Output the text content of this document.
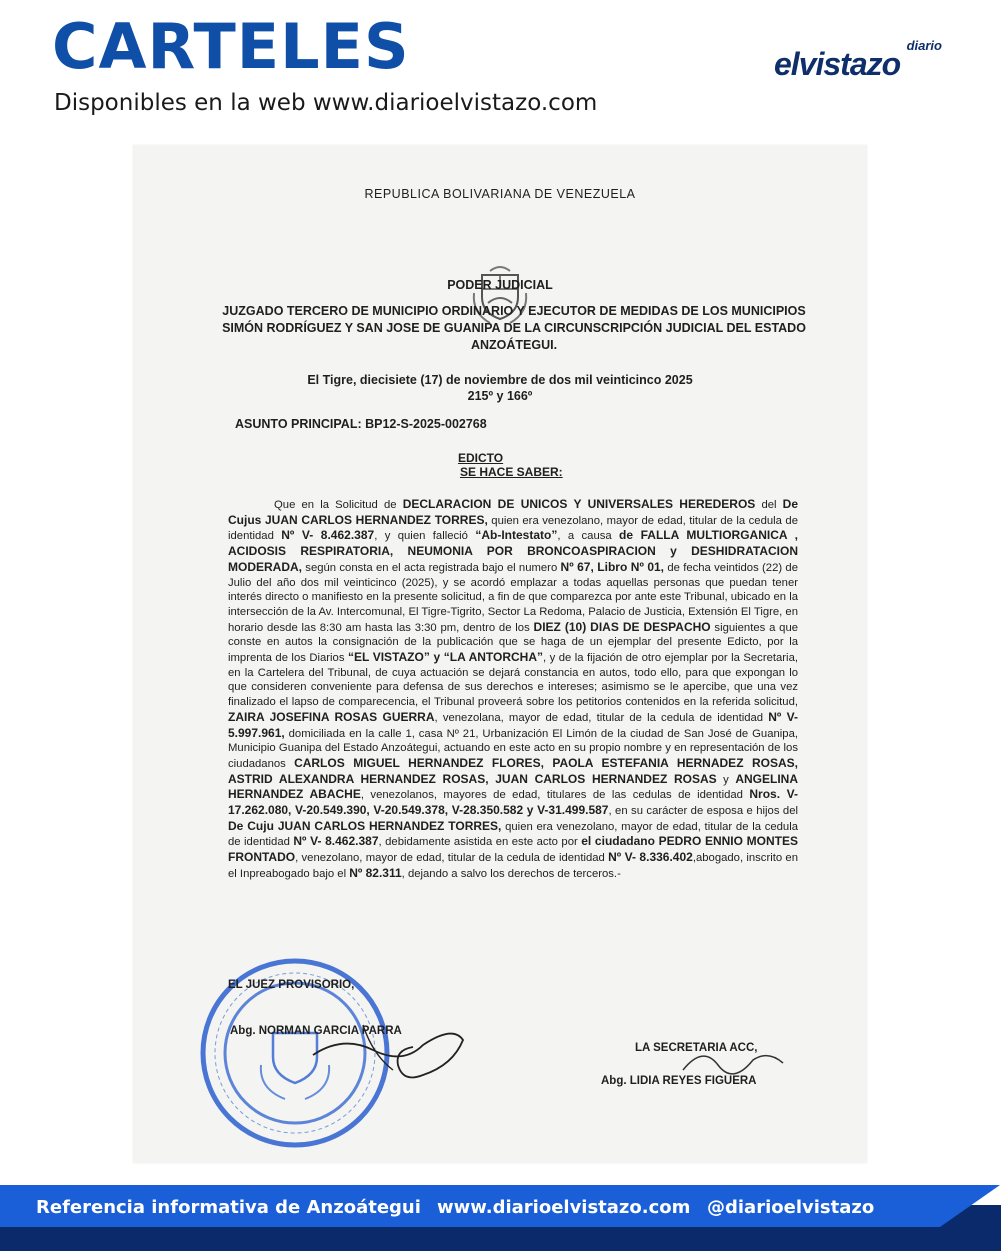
CARTELES
Disponibles en la web www.diarioelvistazo.com
diario
elvistazo
REPUBLICA BOLIVARIANA DE VENEZUELA
PODER JUDICIAL
JUZGADO TERCERO DE MUNICIPIO ORDINARIO Y EJECUTOR DE MEDIDAS DE LOS MUNICIPIOS SIMÓN RODRÍGUEZ Y SAN JOSE DE GUANIPA DE LA CIRCUNSCRIPCIÓN JUDICIAL DEL ESTADO ANZOÁTEGUI.
El Tigre, diecisiete (17) de noviembre de dos mil veinticinco 2025
215º y 166º
ASUNTO PRINCIPAL: BP12-S-2025-002768
EDICTO
SE HACE SABER:
Que en la Solicitud de DECLARACION DE UNICOS Y UNIVERSALES HEREDEROS del De Cujus JUAN CARLOS HERNANDEZ TORRES, quien era venezolano, mayor de edad, titular de la cedula de identidad Nº V- 8.462.387, y quien falleció “Ab-Intestato”, a causa de FALLA MULTIORGANICA , ACIDOSIS RESPIRATORIA, NEUMONIA POR BRONCOASPIRACION y DESHIDRATACION MODERADA, según consta en el acta registrada bajo el numero Nº 67, Libro Nº 01, de fecha veintidos (22) de Julio del año dos mil veinticinco (2025), y se acordó emplazar a todas aquellas personas que puedan tener interés directo o manifiesto en la presente solicitud, a fin de que comparezca por ante este Tribunal, ubicado en la intersección de la Av. Intercomunal, El Tigre-Tigrito, Sector La Redoma, Palacio de Justicia, Extensión El Tigre, en horario desde las 8:30 am hasta las 3:30 pm, dentro de los DIEZ (10) DIAS DE DESPACHO siguientes a que conste en autos la consignación de la publicación que se haga de un ejemplar del presente Edicto, por la imprenta de los Diarios “EL VISTAZO” y “LA ANTORCHA”, y de la fijación de otro ejemplar por la Secretaria, en la Cartelera del Tribunal, de cuya actuación se dejará constancia en autos, todo ello, para que expongan lo que consideren conveniente para defensa de sus derechos e intereses; asimismo se le apercibe, que una vez finalizado el lapso de comparecencia, el Tribunal proveerá sobre los petitorios contenidos en la referida solicitud, ZAIRA JOSEFINA ROSAS GUERRA, venezolana, mayor de edad, titular de la cedula de identidad Nº V-5.997.961, domiciliada en la calle 1, casa Nº 21, Urbanización El Limón de la ciudad de San José de Guanipa, Municipio Guanipa del Estado Anzoátegui, actuando en este acto en su propio nombre y en representación de los ciudadanos CARLOS MIGUEL HERNANDEZ FLORES, PAOLA ESTEFANIA HERNADEZ ROSAS, ASTRID ALEXANDRA HERNANDEZ ROSAS, JUAN CARLOS HERNANDEZ ROSAS y ANGELINA HERNANDEZ ABACHE, venezolanos, mayores de edad, titulares de las cedulas de identidad Nros. V-17.262.080, V-20.549.390, V-20.549.378, V-28.350.582 y V-31.499.587, en su carácter de esposa e hijos del De Cuju JUAN CARLOS HERNANDEZ TORRES, quien era venezolano, mayor de edad, titular de la cedula de identidad Nº V- 8.462.387, debidamente asistida en este acto por el ciudadano PEDRO ENNIO MONTES FRONTADO, venezolano, mayor de edad, titular de la cedula de identidad Nº V- 8.336.402,abogado, inscrito en el Inpreabogado bajo el Nº 82.311, dejando a salvo los derechos de terceros.-
EL JUEZ PROVISORIO,
Abg. NORMAN GARCIA PARRA
LA SECRETARIA ACC,
Abg. LIDIA REYES FIGUERA
Referencia informativa de Anzoátegui www.diarioelvistazo.com @diarioelvistazo
